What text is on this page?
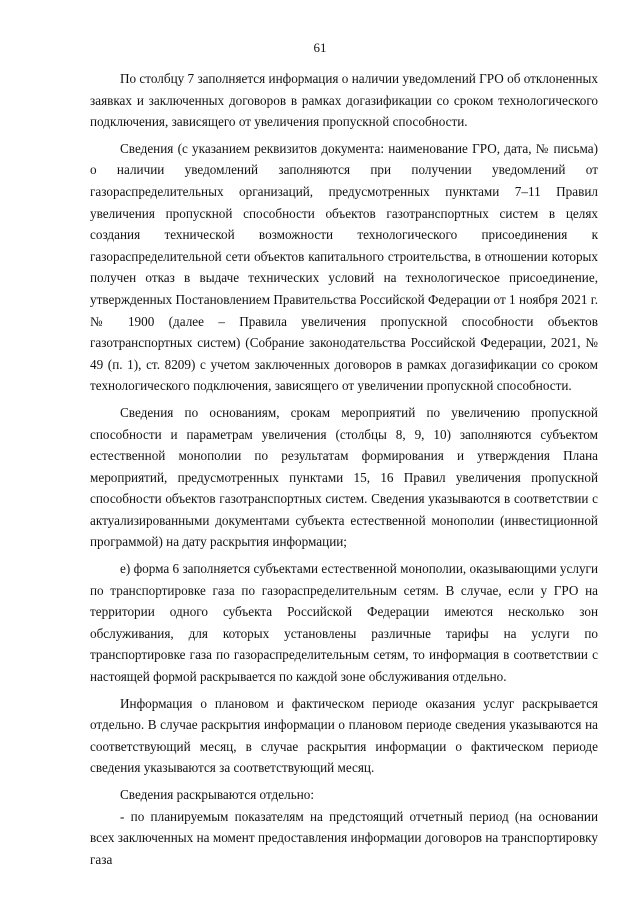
61

По столбцу 7 заполняется информация о наличии уведомлений ГРО об отклоненных заявках и заключенных договоров в рамках догазификации со сроком технологического подключения, зависящего от увеличения пропускной способности.

Сведения (с указанием реквизитов документа: наименование ГРО, дата, № письма) о наличии уведомлений заполняются при получении уведомлений от газораспределительных организаций, предусмотренных пунктами 7–11 Правил увеличения пропускной способности объектов газотранспортных систем в целях создания технической возможности технологического присоединения к газораспределительной сети объектов капитального строительства, в отношении которых получен отказ в выдаче технических условий на технологическое присоединение, утвержденных Постановлением Правительства Российской Федерации от 1 ноября 2021 г. № 1900 (далее – Правила увеличения пропускной способности объектов газотранспортных систем) (Собрание законодательства Российской Федерации, 2021, № 49 (п. 1), ст. 8209) с учетом заключенных договоров в рамках догазификации со сроком технологического подключения, зависящего от увеличении пропускной способности.

Сведения по основаниям, срокам мероприятий по увеличению пропускной способности и параметрам увеличения (столбцы 8, 9, 10) заполняются субъектом естественной монополии по результатам формирования и утверждения Плана мероприятий, предусмотренных пунктами 15, 16 Правил увеличения пропускной способности объектов газотранспортных систем. Сведения указываются в соответствии с актуализированными документами субъекта естественной монополии (инвестиционной программой) на дату раскрытия информации;

е) форма 6 заполняется субъектами естественной монополии, оказывающими услуги по транспортировке газа по газораспределительным сетям. В случае, если у ГРО на территории одного субъекта Российской Федерации имеются несколько зон обслуживания, для которых установлены различные тарифы на услуги по транспортировке газа по газораспределительным сетям, то информация в соответствии с настоящей формой раскрывается по каждой зоне обслуживания отдельно.

Информация о плановом и фактическом периоде оказания услуг раскрывается отдельно. В случае раскрытия информации о плановом периоде сведения указываются на соответствующий месяц, в случае раскрытия информации о фактическом периоде сведения указываются за соответствующий месяц.

Сведения раскрываются отдельно:

- по планируемым показателям на предстоящий отчетный период (на основании всех заключенных на момент предоставления информации договоров на транспортировку газа
